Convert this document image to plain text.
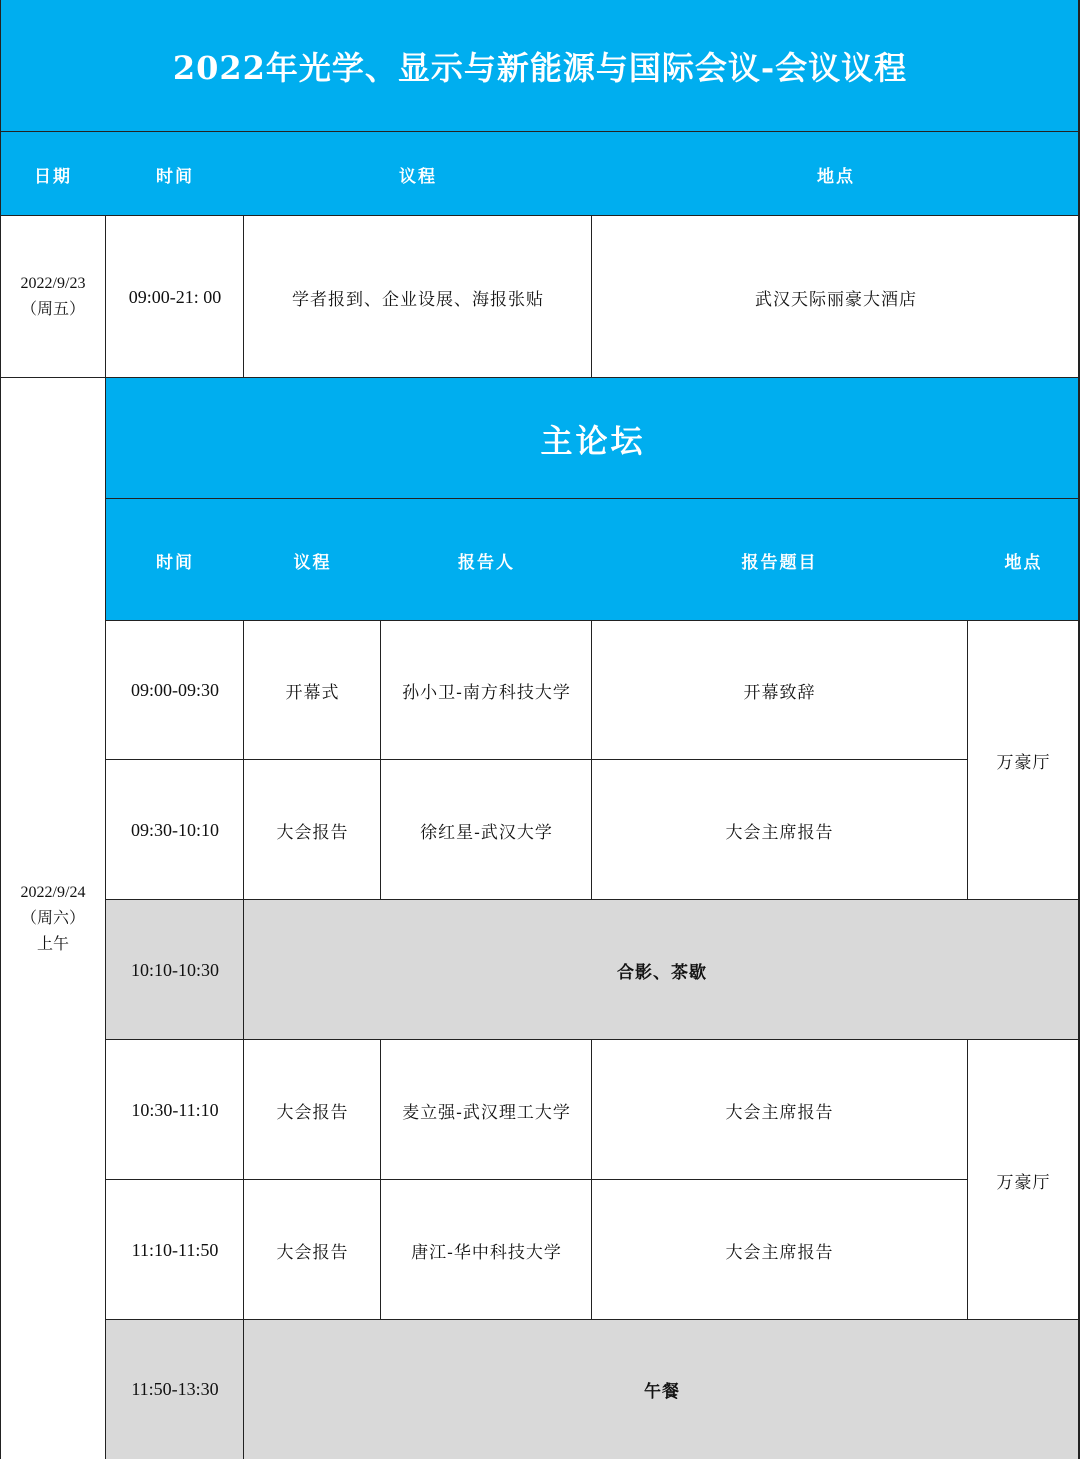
2022年光学、显示与新能源与国际会议-会议议程
日期	时间	议程	地点
2022/9/23
（周五）
09:00-21: 00	学者报到、企业设展、海报张贴	武汉天际丽豪大酒店
主论坛
时间	议程	报告人	报告题目	地点
2022/9/24
（周六）
上午
09:00-09:30	开幕式	孙小卫-南方科技大学	开幕致辞
09:30-10:10	大会报告	徐红星-武汉大学	大会主席报告
万豪厅
10:10-10:30	合影、茶歇
10:30-11:10	大会报告	麦立强-武汉理工大学	大会主席报告
11:10-11:50	大会报告	唐江-华中科技大学	大会主席报告
万豪厅
11:50-13:30	午餐
